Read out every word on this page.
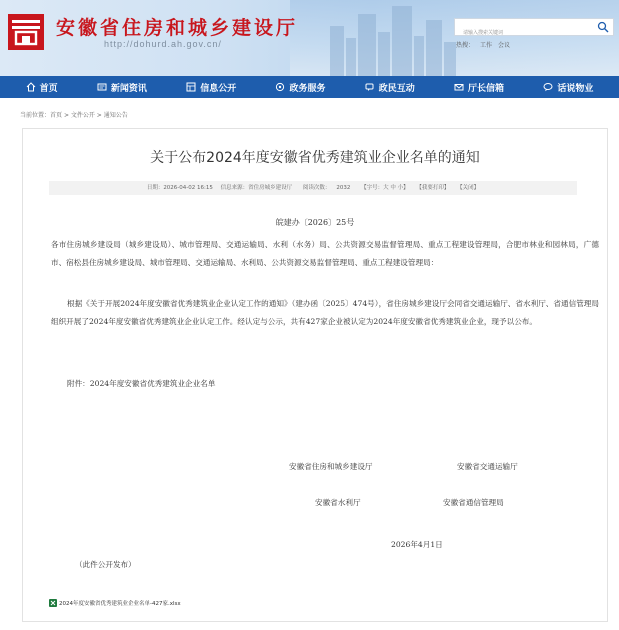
安徽省住房和城乡建设厅
http://dohurd.ah.gov.cn/
请输入搜索关键词	热搜： 工作 会议
首页	新闻资讯	信息公开	政务服务	政民互动	厅长信箱	话说物业
当前位置：首页 > 文件公开 > 通知公告
关于公布2024年度安徽省优秀建筑业企业名单的通知
日期：2026-04-02 16:15 信息来源：省住房城乡建设厅 阅读次数： 2032 【字号：大 中 小】 【我要打印】 【关闭】
皖建办〔2026〕25号
各市住房城乡建设局（城乡建设局）、城市管理局、交通运输局、水利（水务）局、公共资源交易监督管理局、重点工程建设管理局，合肥市林业和园林局，广德市、宿松县住房城乡建设局、城市管理局、交通运输局、水利局、公共资源交易监督管理局、重点工程建设管理局：
根据《关于开展2024年度安徽省优秀建筑业企业认定工作的通知》（建办函〔2025〕474号），省住房城乡建设厅会同省交通运输厅、省水利厅、省通信管理局组织开展了2024年度安徽省优秀建筑业企业认定工作。经认定与公示，共有427家企业被认定为2024年度安徽省优秀建筑业企业，现予以公布。
附件：2024年度安徽省优秀建筑业企业名单
安徽省住房和城乡建设厅	安徽省交通运输厅
安徽省水利厅	安徽省通信管理局
2026年4月1日
（此件公开发布）
2024年度安徽省优秀建筑业企业名单-427家.xlsx
